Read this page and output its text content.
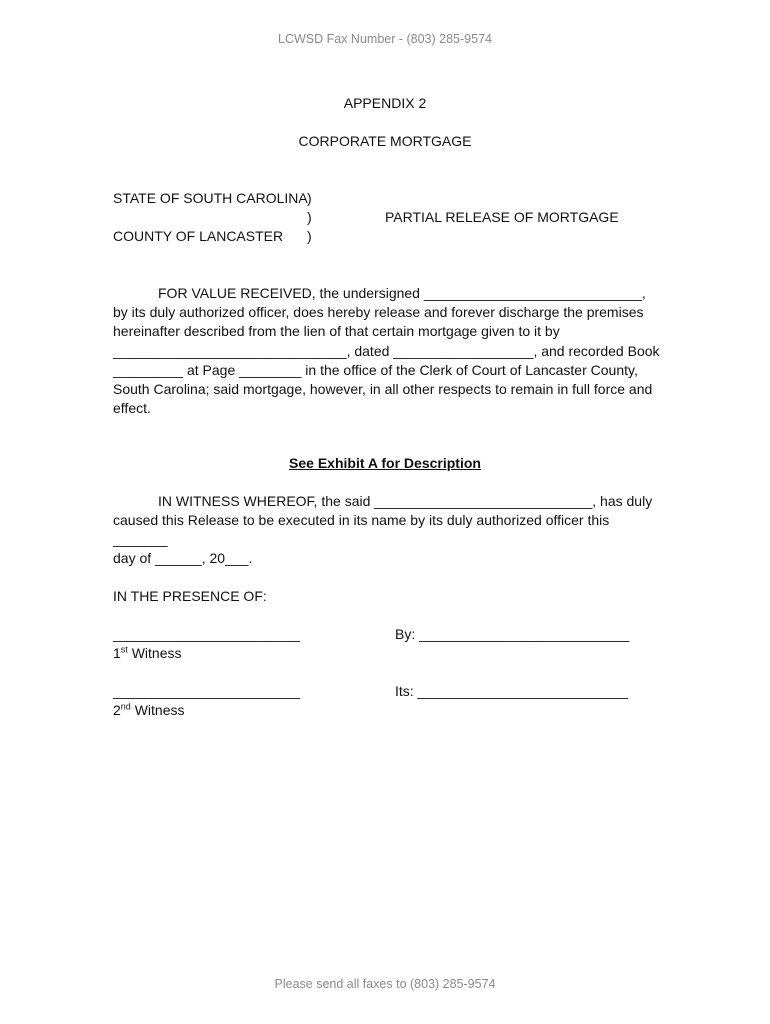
LCWSD Fax Number - (803) 285-9574
APPENDIX 2
CORPORATE MORTGAGE
STATE OF SOUTH CAROLINA
COUNTY OF LANCASTER
)
)
)
PARTIAL RELEASE OF MORTGAGE
FOR VALUE RECEIVED, the undersigned ____________________________,
by its duly authorized officer, does hereby release and forever discharge the premises
hereinafter described from the lien of that certain mortgage given to it by
______________________________, dated __________________, and recorded Book
_________ at Page ________ in the office of the Clerk of Court of Lancaster County,
South Carolina; said mortgage, however, in all other respects to remain in full force and
effect.
See Exhibit A for Description
IN WITNESS WHEREOF, the said ____________________________, has duly
caused this Release to be executed in its name by its duly authorized officer this
_______
day of ______, 20___.
IN THE PRESENCE OF:
________________________
1st Witness
By: ___________________________
________________________
2nd Witness
Its: ___________________________
Please send all faxes to (803) 285-9574
